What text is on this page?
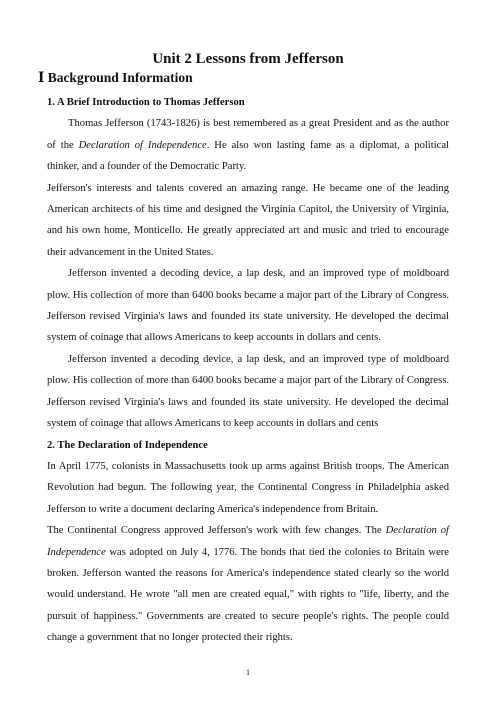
Unit 2 Lessons from Jefferson
Ⅰ Background Information

1. A Brief Introduction to Thomas Jefferson

Thomas Jefferson (1743-1826) is best remembered as a great President and as the author of the Declaration of Independence. He also won lasting fame as a diplomat, a political thinker, and a founder of the Democratic Party.

Jefferson's interests and talents covered an amazing range. He became one of the leading American architects of his time and designed the Virginia Capitol, the University of Virginia, and his own home, Monticello. He greatly appreciated art and music and tried to encourage their advancement in the United States.

Jefferson invented a decoding device, a lap desk, and an improved type of moldboard plow. His collection of more than 6400 books became a major part of the Library of Congress. Jefferson revised Virginia's laws and founded its state university. He developed the decimal system of coinage that allows Americans to keep accounts in dollars and cents.

Jefferson invented a decoding device, a lap desk, and an improved type of moldboard plow. His collection of more than 6400 books became a major part of the Library of Congress. Jefferson revised Virginia's laws and founded its state university. He developed the decimal system of coinage that allows Americans to keep accounts in dollars and cents

2. The Declaration of Independence

In April 1775, colonists in Massachusetts took up arms against British troops. The American Revolution had begun. The following year, the Continental Congress in Philadelphia asked Jefferson to write a document declaring America's independence from Britain.

The Continental Congress approved Jefferson's work with few changes. The Declaration of Independence was adopted on July 4, 1776. The bonds that tied the colonies to Britain were broken. Jefferson wanted the reasons for America's independence stated clearly so the world would understand. He wrote "all men are created equal," with rights to "life, liberty, and the pursuit of happiness." Governments are created to secure people's rights. The people could change a government that no longer protected their rights.

1
